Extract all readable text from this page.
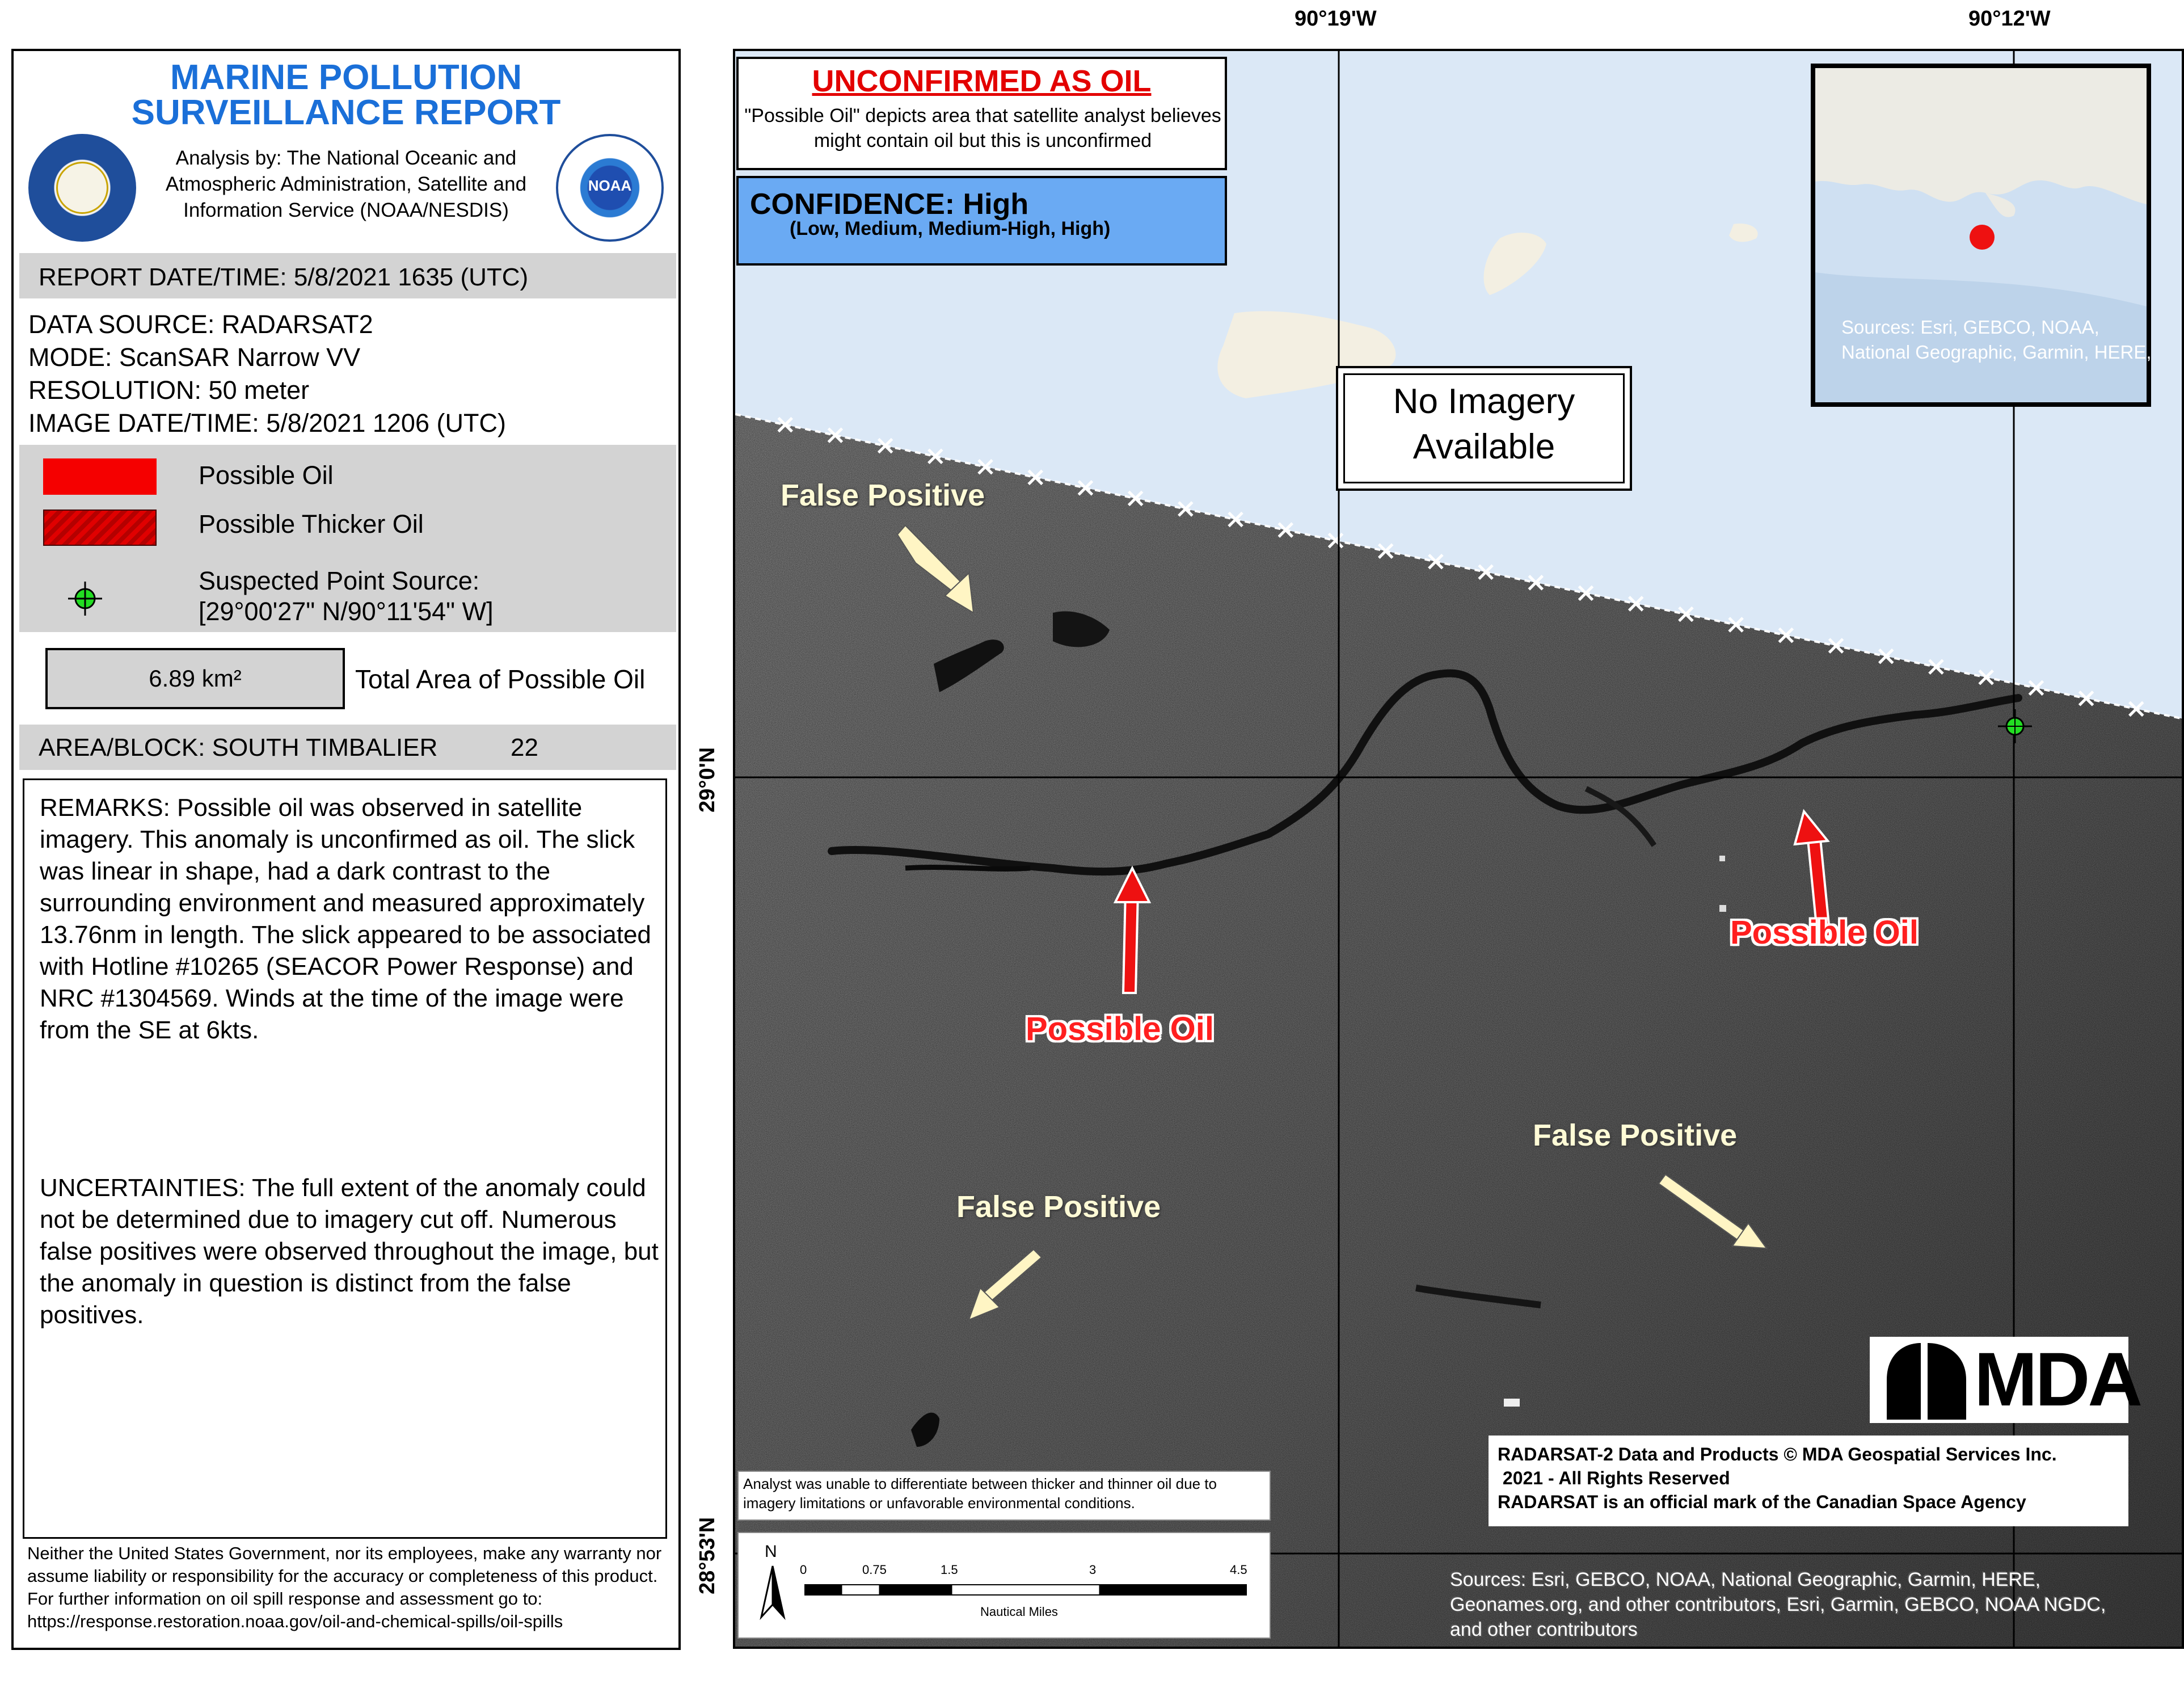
MARINE POLLUTION
SURVEILLANCE REPORT
Analysis by: The National Oceanic and Atmospheric Administration, Satellite and Information Service (NOAA/NESDIS)
NOAA
REPORT DATE/TIME: 5/8/2021 1635 (UTC)
DATA SOURCE: RADARSAT2
MODE: ScanSAR Narrow VV
RESOLUTION: 50 meter
IMAGE DATE/TIME: 5/8/2021 1206 (UTC)
Possible Oil
Possible Thicker Oil
Suspected Point Source:
[29°00'27" N/90°11'54" W]
6.89 km²	Total Area of Possible Oil
AREA/BLOCK: SOUTH TIMBALIER	22
REMARKS: Possible oil was observed in satellite imagery. This anomaly is unconfirmed as oil. The slick was linear in shape, had a dark contrast to the surrounding environment and measured approximately 13.76nm in length. The slick appeared to be associated with Hotline #10265 (SEACOR Power Response) and NRC #1304569. Winds at the time of the image were from the SE at 6kts.
UNCERTAINTIES: The full extent of the anomaly could not be determined due to imagery cut off. Numerous false positives were observed throughout the image, but the anomaly in question is distinct from the false positives.
Neither the United States Government, nor its employees, make any warranty nor assume liability or responsibility for the accuracy or completeness of this product.
For further information on oil spill response and assessment go to:
https://response.restoration.noaa.gov/oil-and-chemical-spills/oil-spills
90°19'W	90°12'W
29°0'N
28°53'N
UNCONFIRMED AS OIL
"Possible Oil" depicts area that satellite analyst believes might contain oil but this is unconfirmed
CONFIDENCE: High
(Low, Medium, Medium-High, High)
No Imagery
Available
Sources: Esri, GEBCO, NOAA, National Geographic, Garmin, HERE,
False Positive
False Positive
False Positive
Possible Oil
Possible Oil
MDA
RADARSAT-2 Data and Products © MDA Geospatial Services Inc.
2021 - All Rights Reserved
RADARSAT is an official mark of the Canadian Space Agency
Analyst was unable to differentiate between thicker and thinner oil due to imagery limitations or unfavorable environmental conditions.
N
0	0.75	1.5	3	4.5
Nautical Miles
Sources: Esri, GEBCO, NOAA, National Geographic, Garmin, HERE, Geonames.org, and other contributors, Esri, Garmin, GEBCO, NOAA NGDC, and other contributors
